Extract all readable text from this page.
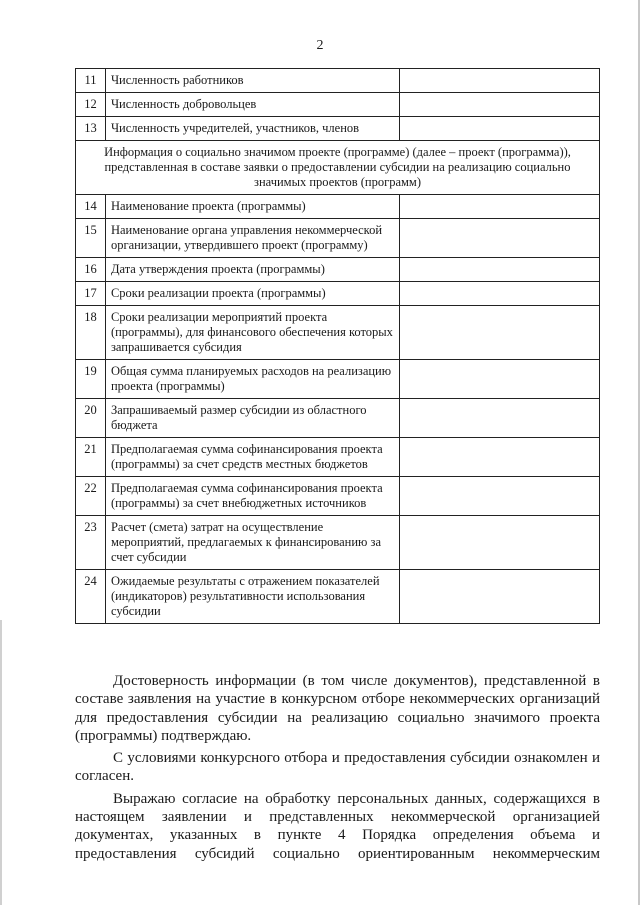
2
11	Численность работников	
12	Численность добровольцев	
13	Численность учредителей, участников, членов	
Информация о социально значимом проекте (программе) (далее – проект (программа)), представленная в составе заявки о предоставлении субсидии на реализацию социально значимых проектов (программ)		
14	Наименование проекта (программы)	
15	Наименование органа управления некоммерческой организации, утвердившего проект (программу)	
16	Дата утверждения проекта (программы)	
17	Сроки реализации проекта (программы)	
18	Сроки реализации мероприятий проекта (программы), для финансового обеспечения которых запрашивается субсидия	
19	Общая сумма планируемых расходов на реализацию проекта (программы)	
20	Запрашиваемый размер субсидии из областного бюджета	
21	Предполагаемая сумма софинансирования проекта (программы) за счет средств местных бюджетов	
22	Предполагаемая сумма софинансирования проекта (программы) за счет внебюджетных источников	
23	Расчет (смета) затрат на осуществление мероприятий, предлагаемых к финансированию за счет субсидии	
24	Ожидаемые результаты с отражением показателей (индикаторов) результативности использования субсидии	

Достоверность информации (в том числе документов), представленной в составе заявления на участие в конкурсном отборе некоммерческих организаций для предоставления субсидии на реализацию социально значимого проекта (программы) подтверждаю.

С условиями конкурсного отбора и предоставления субсидии ознакомлен и согласен.

Выражаю согласие на обработку персональных данных, содержащихся в настоящем заявлении и представленных некоммерческой организацией документах, указанных в пункте 4 Порядка определения объема и предоставления субсидий социально ориентированным некоммерческим
